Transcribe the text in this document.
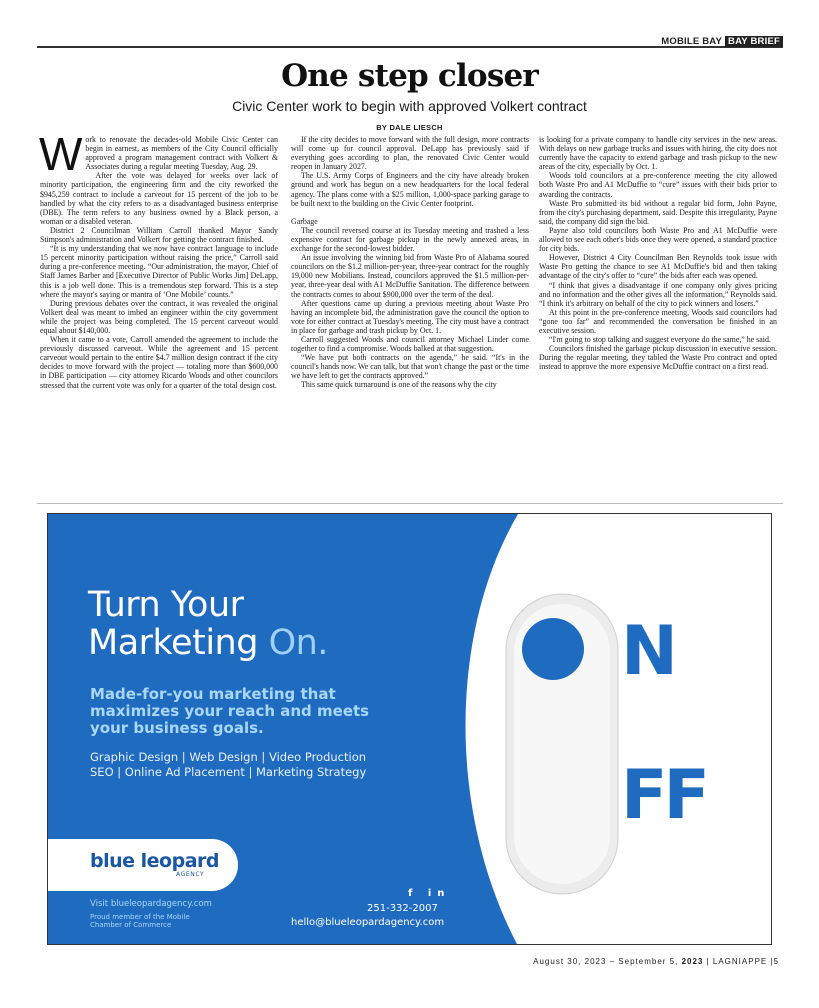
MOBILE BAY BAY BRIEF
One step closer
Civic Center work to begin with approved Volkert contract
BY DALE LIESCH

Work to renovate the decades-old Mobile Civic Center can begin in earnest, as members of the City Council officially approved a program management contract with Volkert & Associates during a regular meeting Tuesday, Aug. 29.

After the vote was delayed for weeks over lack of minority participation, the engineering firm and the city reworked the $945,259 contract to include a carveout for 15 percent of the job to be handled by what the city refers to as a disadvantaged business enterprise (DBE). The term refers to any business owned by a Black person, a woman or a disabled veteran.

District 2 Councilman William Carroll thanked Mayor Sandy Stimpson's administration and Volkert for getting the contract finished.

“It is my understanding that we now have contract language to include 15 percent minority participation without raising the price,” Carroll said during a pre-conference meeting. “Our administration, the mayor, Chief of Staff James Barber and [Executive Director of Public Works Jim] DeLapp, this is a job well done. This is a tremendous step forward. This is a step where the mayor's saying or mantra of ‘One Mobile’ counts.”

During previous debates over the contract, it was revealed the original Volkert deal was meant to imbed an engineer within the city government while the project was being completed. The 15 percent carveout would equal about $140,000.

When it came to a vote, Carroll amended the agreement to include the previously discussed carveout. While the agreement and 15 percent carveout would pertain to the entire $4.7 million design contract if the city decides to move forward with the project — totaling more than $600,000 in DBE participation — city attorney Ricardo Woods and other councilors stressed that the current vote was only for a quarter of the total design cost.

If the city decides to move forward with the full design, more contracts will come up for council approval. DeLapp has previously said if everything goes according to plan, the renovated Civic Center would reopen in January 2027.

The U.S. Army Corps of Engineers and the city have already broken ground and work has begun on a new headquarters for the local federal agency. The plans come with a $25 million, 1,000-space parking garage to be built next to the building on the Civic Center footprint.

Garbage

The council reversed course at its Tuesday meeting and trashed a less expensive contract for garbage pickup in the newly annexed areas, in exchange for the second-lowest bidder.

An issue involving the winning bid from Waste Pro of Alabama soured councilors on the $1.2 million-per-year, three-year contract for the roughly 19,000 new Mobilians. Instead, councilors approved the $1.5 million-per-year, three-year deal with A1 McDuffie Sanitation. The difference between the contracts comes to about $900,000 over the term of the deal.

After questions came up during a previous meeting about Waste Pro having an incomplete bid, the administration gave the council the option to vote for either contract at Tuesday's meeting. The city must have a contract in place for garbage and trash pickup by Oct. 1.

Carroll suggested Woods and council attorney Michael Linder come together to find a compromise. Woods balked at that suggestion.

“We have put both contracts on the agenda,” he said. “It's in the council's hands now. We can talk, but that won't change the past or the time we have left to get the contracts approved.”

This same quick turnaround is one of the reasons why the city

is looking for a private company to handle city services in the new areas. With delays on new garbage trucks and issues with hiring, the city does not currently have the capacity to extend garbage and trash pickup to the new areas of the city, especially by Oct. 1.

Woods told councilors at a pre-conference meeting the city allowed both Waste Pro and A1 McDuffie to “cure” issues with their bids prior to awarding the contracts.

Waste Pro submitted its bid without a regular bid form, John Payne, from the city's purchasing department, said. Despite this irregularity, Payne said, the company did sign the bid.

Payne also told councilors both Waste Pro and A1 McDuffie were allowed to see each other's bids once they were opened, a standard practice for city bids.

However, District 4 City Councilman Ben Reynolds took issue with Waste Pro getting the chance to see A1 McDuffie's bid and then taking advantage of the city's offer to “cure” the bids after each was opened.

“I think that gives a disadvantage if one company only gives pricing and no information and the other gives all the information,” Reynolds said. “I think it's arbitrary on behalf of the city to pick winners and losers.”

At this point in the pre-conference meeting, Woods said councilors had “gone too far” and recommended the conversation be finished in an executive session.

“I'm going to stop talking and suggest everyone do the same,” he said.

Councilors finished the garbage pickup discussion in executive session. During the regular meeting, they tabled the Waste Pro contract and opted instead to approve the more expensive McDuffie contract on a first read.

Turn Your
Marketing On.
Made-for-you marketing that maximizes your reach and meets your business goals.
Graphic Design | Web Design | Video Production
SEO | Online Ad Placement | Marketing Strategy
blue leopard
AGENCY
Visit blueleopardagency.com
Proud member of the Mobile Chamber of Commerce
f in
251-332-2007
hello@blueleopardagency.com
N
FF
August 30, 2023 – September 5, 2023 | LAGNIAPPE |5
